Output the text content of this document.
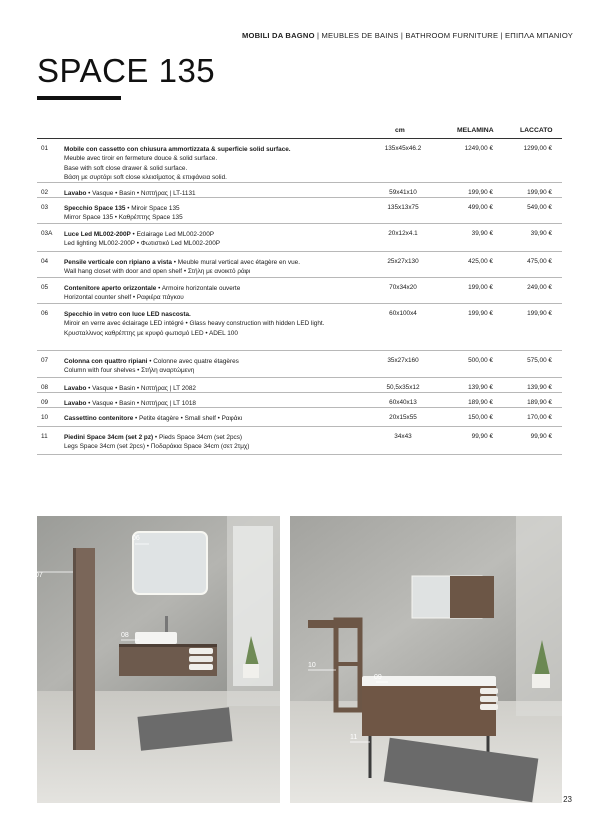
MOBILI DA BAGNO | MEUBLES DE BAINS | BATHROOM FURNITURE | ΕΠΙΠΛΑ ΜΠΑΝΙΟΥ
SPACE 135
cm	MELAMINA	LACCATO
01 Mobile con cassetto con chiusura ammortizzata & superficie solid surface.
Meuble avec tiroir en fermeture douce & solid surface.
Base with soft close drawer & solid surface.
Βάση με συρτάρι soft close κλεισίματος & επιφάνεια solid.
135x45x46.2	1249,00 €	1299,00 €
02 Lavabo • Vasque • Basin • Νιπτήρας | LT-1131	59x41x10	199,90 €	199,90 €
03 Specchio Space 135 • Miroir Space 135
Mirror Space 135 • Καθρέπτης Space 135
135x13x75	499,00 €	549,00 €
03A Luce Led ML002-200P • Eclairage Led ML002-200P
Led lighting ML002-200P • Φωτιστικό Led ML002-200P
20x12x4.1	39,90 €	39,90 €
04 Pensile verticale con ripiano a vista • Meuble mural vertical avec étagère en vue.
Wall hang closet with door and open shelf • Στήλη με ανοικτό ράφι
25x27x130	425,00 €	475,00 €
05 Contenitore aperto orizzontale • Armoire horizontale ouverte
Horizontal counter shelf • Ραφιέρα πάγκου
70x34x20	199,00 €	249,00 €
06 Specchio in vetro con luce LED nascosta.
Miroir en verre avec éclairage LED intégré • Glass heavy construction with hidden LED light.
Κρυσταλλινος καθρέπτης με κρυφό φωτισμό LED • ADEL 100
60x100x4	199,90 €	199,90 €
07 Colonna con quattro ripiani • Colonne avec quatre étagères
Column with four shelves • Στήλη αναρτώμενη
35x27x160	500,00 €	575,00 €
08 Lavabo • Vasque • Basin • Νιπτήρας | LT 2082	50,5x35x12	139,90 €	139,90 €
09 Lavabo • Vasque • Basin • Νιπτήρας | LT 1018	60x40x13	189,90 €	189,90 €
10 Cassettino contenitore • Petite étagère • Small shelf • Ραφάκι	20x15x55	150,00 €	170,00 €
11	Piedini Space 34cm (set 2 pz) • Pieds Space 34cm (set 2pcs)
Legs Space 34cm (set 2pcs) • Ποδαράκια Space 34cm (σετ 2τμχ)
34x43	99,90 €	99,90 €
06
07
08
10
09
11
23
